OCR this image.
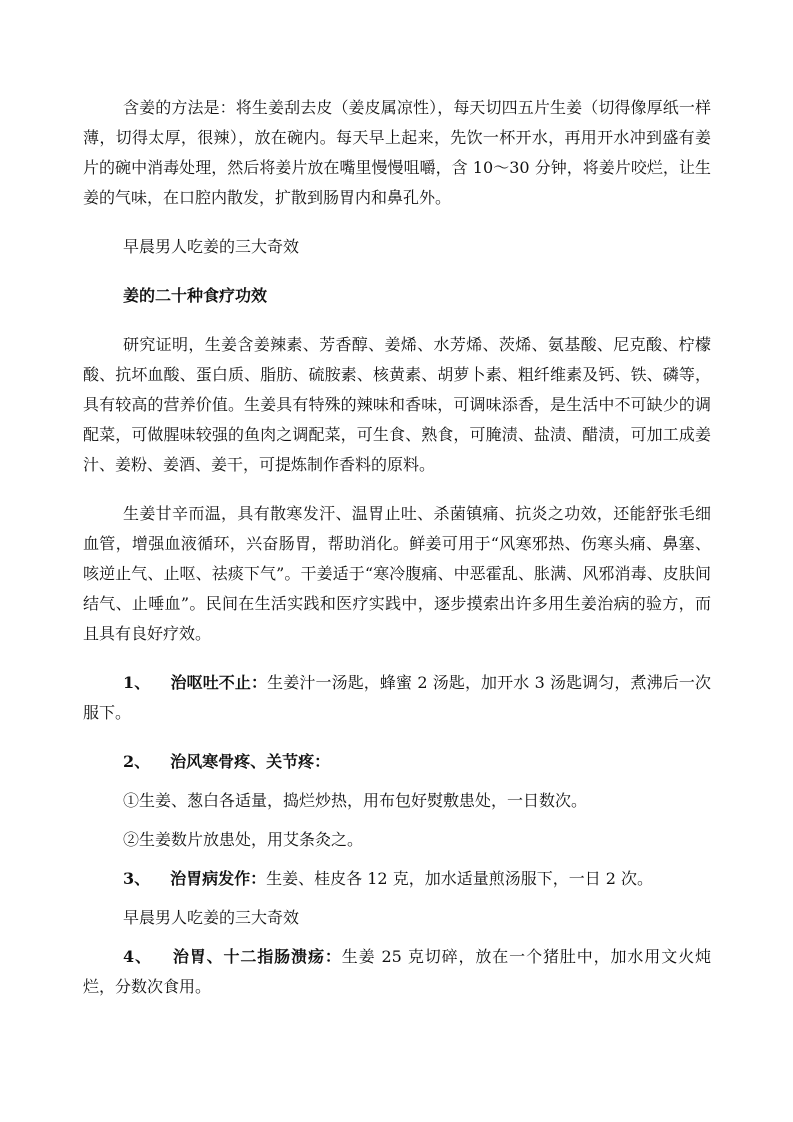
含姜的方法是：将生姜刮去皮（姜皮属凉性），每天切四五片生姜（切得像厚纸一样薄，切得太厚，很辣），放在碗内。每天早上起来，先饮一杯开水，再用开水冲到盛有姜片的碗中消毒处理，然后将姜片放在嘴里慢慢咀嚼，含 10～30 分钟，将姜片咬烂，让生姜的气味，在口腔内散发，扩散到肠胃内和鼻孔外。

早晨男人吃姜的三大奇效

姜的二十种食疗功效

研究证明，生姜含姜辣素、芳香醇、姜烯、水芳烯、茨烯、氨基酸、尼克酸、柠檬酸、抗坏血酸、蛋白质、脂肪、硫胺素、核黄素、胡萝卜素、粗纤维素及钙、铁、磷等，具有较高的营养价值。生姜具有特殊的辣味和香味，可调味添香，是生活中不可缺少的调配菜，可做腥味较强的鱼肉之调配菜，可生食、熟食，可腌渍、盐渍、醋渍，可加工成姜汁、姜粉、姜酒、姜干，可提炼制作香料的原料。

生姜甘辛而温，具有散寒发汗、温胃止吐、杀菌镇痛、抗炎之功效，还能舒张毛细血管，增强血液循环，兴奋肠胃，帮助消化。鲜姜可用于“风寒邪热、伤寒头痛、鼻塞、咳逆止气、止呕、祛痰下气”。干姜适于“寒冷腹痛、中恶霍乱、胀满、风邪消毒、皮肤间结气、止唾血”。民间在生活实践和医疗实践中，逐步摸索出许多用生姜治病的验方，而且具有良好疗效。

1、 治呕吐不止：生姜汁一汤匙，蜂蜜 2 汤匙，加开水 3 汤匙调匀，煮沸后一次服下。

2、 治风寒骨疼、关节疼：

①生姜、葱白各适量，捣烂炒热，用布包好熨敷患处，一日数次。

②生姜数片放患处，用艾条灸之。

3、 治胃病发作：生姜、桂皮各 12 克，加水适量煎汤服下，一日 2 次。

早晨男人吃姜的三大奇效

4、 治胃、十二指肠溃疡：生姜 25 克切碎，放在一个猪肚中，加水用文火炖烂，分数次食用。
